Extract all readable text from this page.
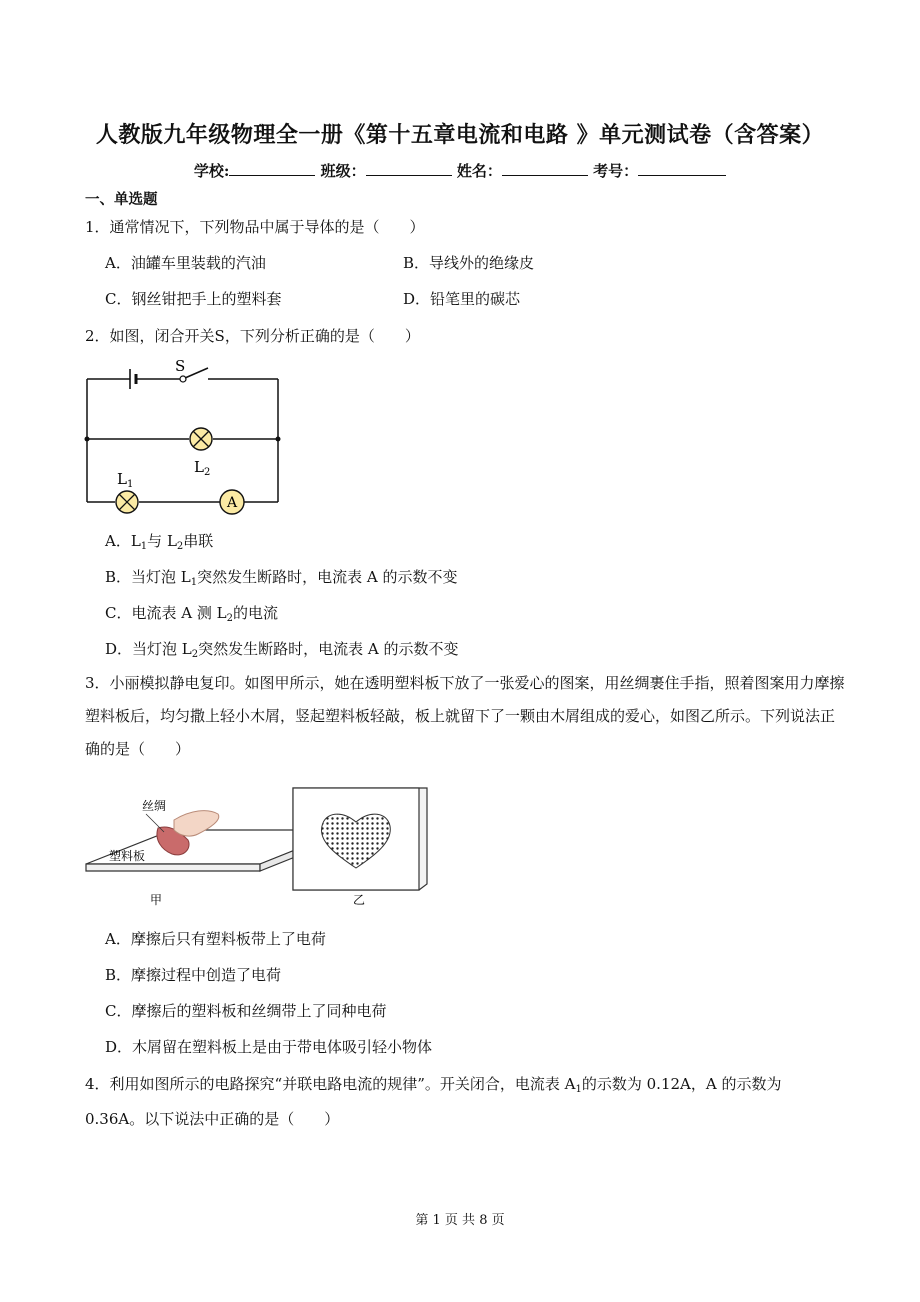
人教版九年级物理全一册《第十五章电流和电路 》单元测试卷（含答案）
学校:	班级：	姓名：	考号：
一、单选题
1．通常情况下，下列物品中属于导体的是（　　）
A．油罐车里装载的汽油	B．导线外的绝缘皮
C．钢丝钳把手上的塑料套	D．铅笔里的碳芯
2．如图，闭合开关S，下列分析正确的是（　　）
S
$L_2$
$L_1$
A
A．$L_1$与 $L_2$串联
B．当灯泡 $L_1$突然发生断路时，电流表 A 的示数不变
C．电流表 A 测 $L_2$的电流
D．当灯泡 $L_2$突然发生断路时，电流表 A 的示数不变
3．小丽模拟静电复印。如图甲所示，她在透明塑料板下放了一张爱心的图案，用丝绸裹住手指，照着图案用力摩擦塑料板后，均匀撒上轻小木屑，竖起塑料板轻敲，板上就留下了一颗由木屑组成的爱心，如图乙所示。下列说法正确的是（　　）
丝绸
塑料板
甲	乙
A．摩擦后只有塑料板带上了电荷
B．摩擦过程中创造了电荷
C．摩擦后的塑料板和丝绸带上了同种电荷
D．木屑留在塑料板上是由于带电体吸引轻小物体
4．利用如图所示的电路探究“并联电路电流的规律”。开关闭合，电流表 $A_1$的示数为 0.12A，A 的示数为
0.36A。以下说法中正确的是（　　）
第 1 页 共 8 页
